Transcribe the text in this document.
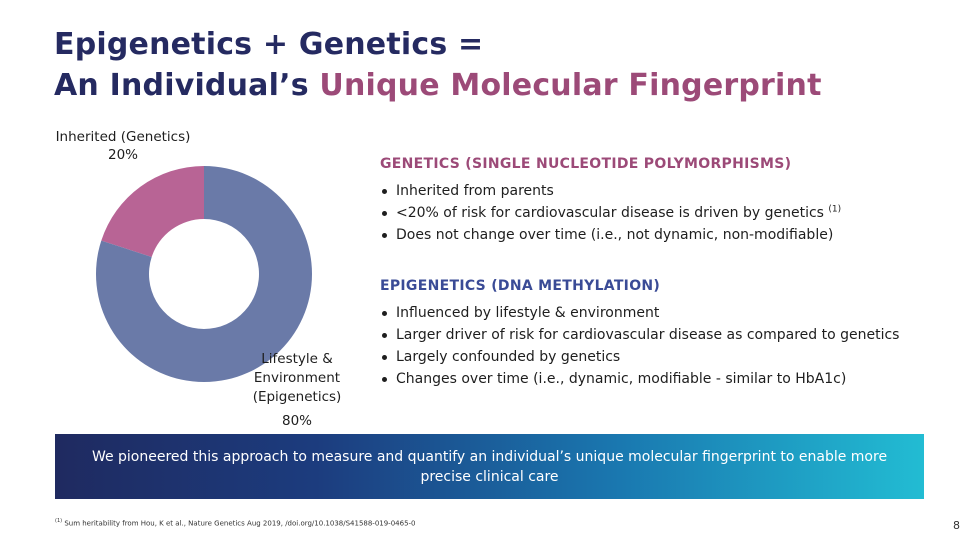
Epigenetics + Genetics =
An Individual’s Unique Molecular Fingerprint
Inherited (Genetics)
20%
Lifestyle &
Environment
(Epigenetics)
80%
GENETICS (SINGLE NUCLEOTIDE POLYMORPHISMS)
Inherited from parents
<20% of risk for cardiovascular disease is driven by genetics $^{(1)}$
Does not change over time (i.e., not dynamic, non-modifiable)
EPIGENETICS (DNA METHYLATION)
Influenced by lifestyle & environment
Larger driver of risk for cardiovascular disease as compared to genetics
Largely confounded by genetics
Changes over time (i.e., dynamic, modifiable - similar to HbA1c)
We pioneered this approach to measure and quantify an individual’s unique molecular fingerprint to enable more precise clinical care
$^{(1)}$ Sum heritability from Hou, K et al., Nature Genetics Aug 2019, /doi.org/10.1038/S41588-019-0465-0	8
